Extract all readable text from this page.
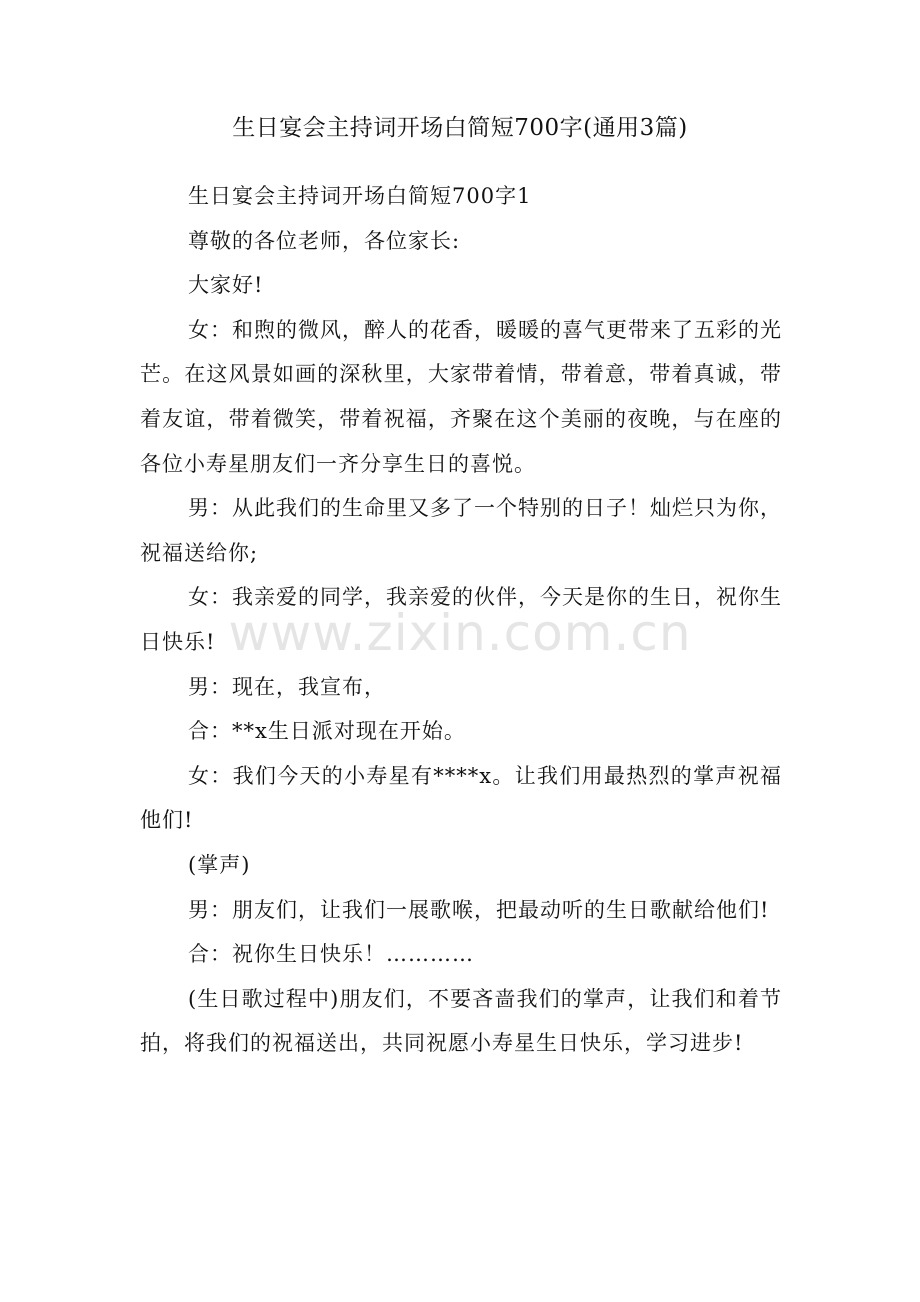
生日宴会主持词开场白简短700字(通用3篇)

生日宴会主持词开场白简短700字1

尊敬的各位老师，各位家长:

大家好!

女：和煦的微风，醉人的花香，暖暖的喜气更带来了五彩的光芒。在这风景如画的深秋里，大家带着情，带着意，带着真诚，带着友谊，带着微笑，带着祝福，齐聚在这个美丽的夜晚，与在座的各位小寿星朋友们一齐分享生日的喜悦。

男：从此我们的生命里又多了一个特别的日子！灿烂只为你，祝福送给你;

女：我亲爱的同学，我亲爱的伙伴，今天是你的生日，祝你生日快乐!

男：现在，我宣布，

合：**x生日派对现在开始。

女：我们今天的小寿星有****x。让我们用最热烈的掌声祝福他们!

(掌声)

男：朋友们，让我们一展歌喉，把最动听的生日歌献给他们!

合：祝你生日快乐！…………

(生日歌过程中)朋友们，不要吝啬我们的掌声，让我们和着节拍，将我们的祝福送出，共同祝愿小寿星生日快乐，学习进步!

www.zixin.com.cn
